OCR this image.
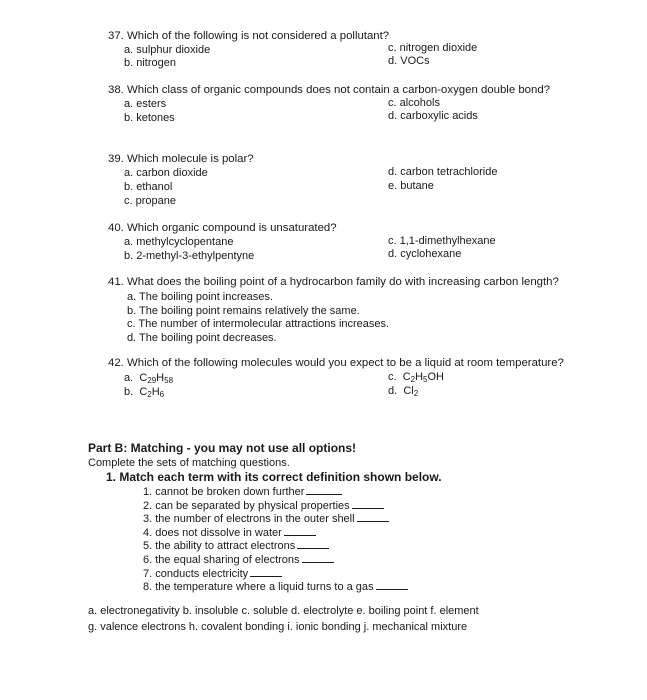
37. Which of the following is not considered a pollutant?
a. sulphur dioxide
b. nitrogen
c. nitrogen dioxide
d. VOCs
38. Which class of organic compounds does not contain a carbon-oxygen double bond?
a. esters
b. ketones
c. alcohols
d. carboxylic acids
39. Which molecule is polar?
a. carbon dioxide
b. ethanol
c. propane
d. carbon tetrachloride
e. butane
40. Which organic compound is unsaturated?
a. methylcyclopentane
b. 2-methyl-3-ethylpentyne
c. 1,1-dimethylhexane
d. cyclohexane
41. What does the boiling point of a hydrocarbon family do with increasing carbon length?
a. The boiling point increases.
b. The boiling point remains relatively the same.
c. The number of intermolecular attractions increases.
d. The boiling point decreases.
42. Which of the following molecules would you expect to be a liquid at room temperature?
a. $C_{29}H_{58}$
b. $C_2H_6$
c. $C_2H_5OH$
d. $Cl_2$
Part B: Matching - you may not use all options!
Complete the sets of matching questions.
1. Match each term with its correct definition shown below.
1. cannot be broken down further
2. can be separated by physical properties
3. the number of electrons in the outer shell
4. does not dissolve in water
5. the ability to attract electrons
6. the equal sharing of electrons
7. conducts electricity
8. the temperature where a liquid turns to a gas
a. electronegativity b. insoluble c. soluble d. electrolyte e. boiling point f. element
g. valence electrons h. covalent bonding i. ionic bonding j. mechanical mixture
